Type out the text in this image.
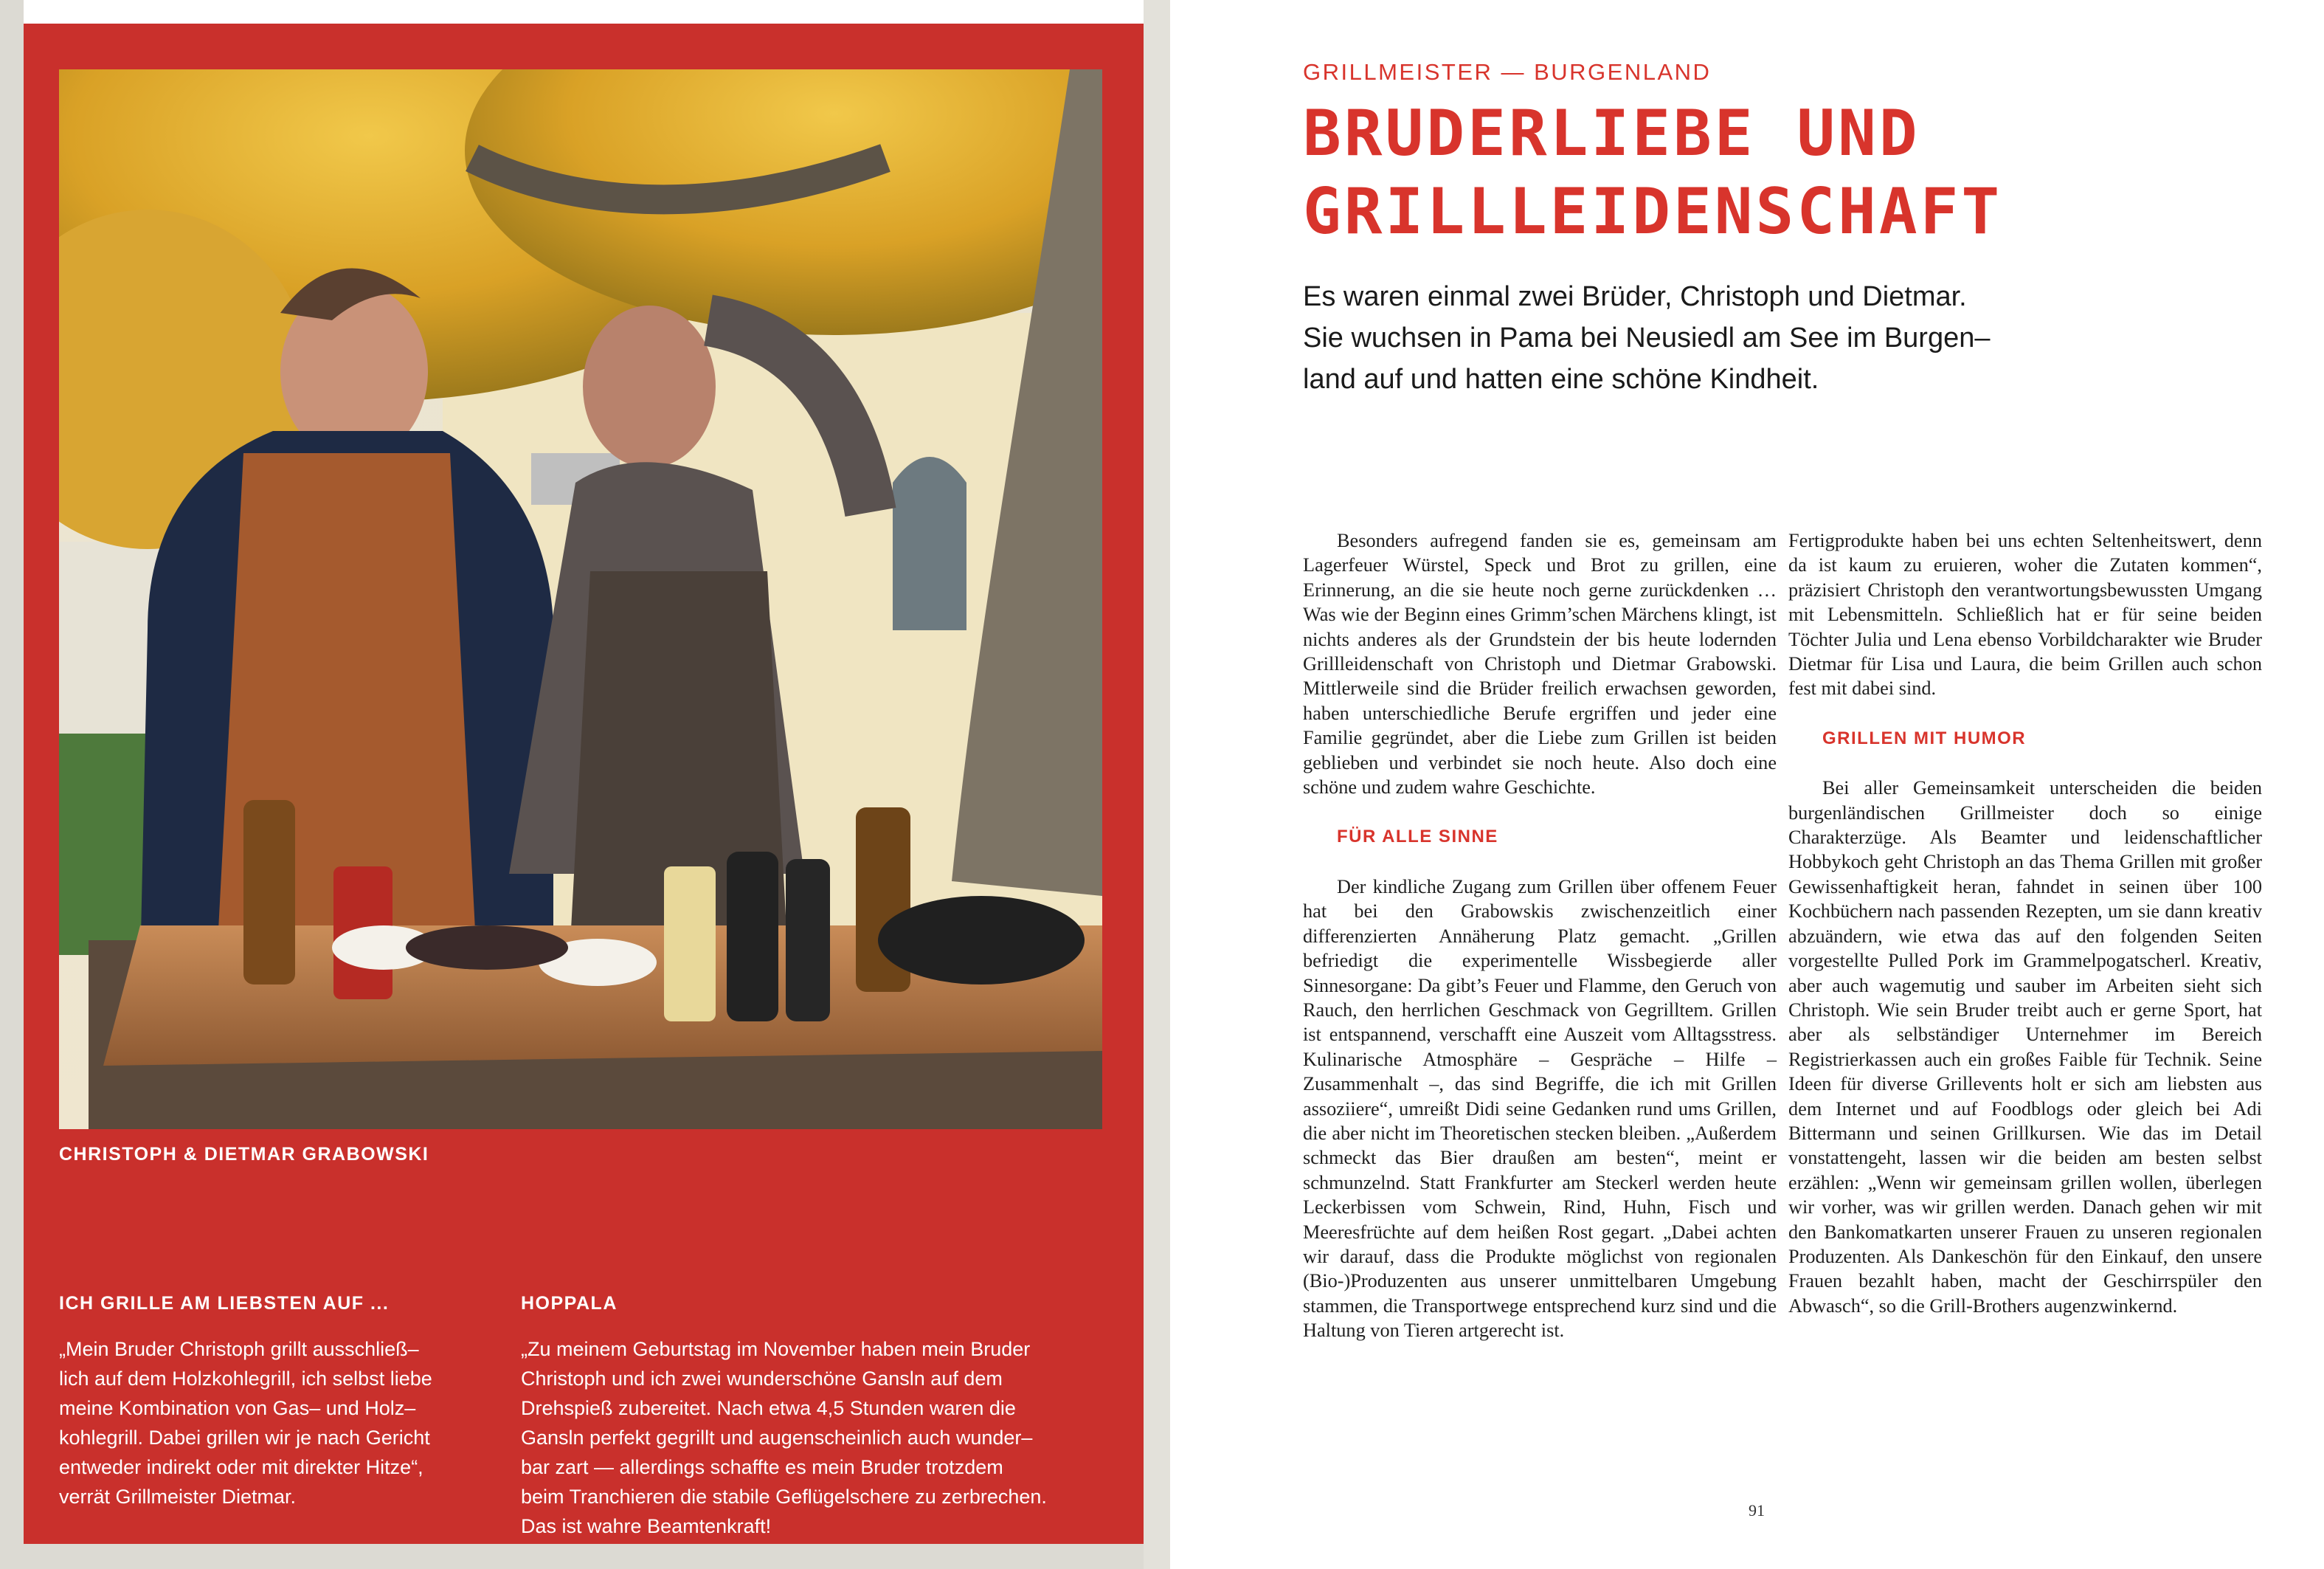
CHRISTOPH & DIETMAR GRABOWSKI
ICH GRILLE AM LIEBSTEN AUF ...
„Mein Bruder Christoph grillt ausschließ–
lich auf dem Holzkohlegrill, ich selbst liebe
meine Kombination von Gas– und Holz–
kohlegrill. Dabei grillen wir je nach Gericht
entweder indirekt oder mit direkter Hitze“,
verrät Grillmeister Dietmar.
HOPPALA
„Zu meinem Geburtstag im November haben mein Bruder
Christoph und ich zwei wunderschöne Gansln auf dem
Drehspieß zubereitet. Nach etwa 4,5 Stunden waren die
Gansln perfekt gegrillt und augenscheinlich auch wunder–
bar zart — allerdings schaffte es mein Bruder trotzdem
beim Tranchieren die stabile Geflügelschere zu zerbrechen.
Das ist wahre Beamtenkraft!
GRILLMEISTER — BURGENLAND
BRUDERLIEBE UND
GRILLLEIDENSCHAFT
Es waren einmal zwei Brüder, Christoph und Dietmar.
Sie wuchsen in Pama bei Neusiedl am See im Burgen–
land auf und hatten eine schöne Kindheit.

Besonders aufregend fanden sie es, gemeinsam am Lagerfeuer Würstel, Speck und Brot zu grillen, eine Erinnerung, an die sie heute noch gerne zurückdenken … Was wie der Beginn eines Grimm’schen Märchens klingt, ist nichts anderes als der Grundstein der bis heute lodernden Grillleidenschaft von Christoph und Dietmar Grabowski. Mittlerweile sind die Brüder freilich erwachsen geworden, haben unterschiedliche Berufe ergriffen und jeder eine Familie gegründet, aber die Liebe zum Grillen ist beiden geblieben und verbindet sie noch heute. Also doch eine schöne und zudem wahre Geschichte.

FÜR ALLE SINNE

Der kindliche Zugang zum Grillen über offenem Feuer hat bei den Grabowskis zwischenzeitlich einer differenzierten Annäherung Platz gemacht. „Grillen befriedigt die experimentelle Wissbegierde aller Sinnesorgane: Da gibt’s Feuer und Flamme, den Geruch von Rauch, den herrlichen Geschmack von Gegrilltem. Grillen ist entspannend, verschafft eine Auszeit vom Alltagsstress. Kulinarische Atmosphäre – Gespräche – Hilfe – Zusammenhalt –, das sind Begriffe, die ich mit Grillen assoziiere“, umreißt Didi seine Gedanken rund ums Grillen, die aber nicht im Theoretischen stecken bleiben. „Außerdem schmeckt das Bier draußen am besten“, meint er schmunzelnd. Statt Frankfurter am Steckerl werden heute Leckerbissen vom Schwein, Rind, Huhn, Fisch und Meeresfrüchte auf dem heißen Rost gegart. „Dabei achten wir darauf, dass die Produkte möglichst von regionalen (Bio-)Produzenten aus unserer unmittelbaren Umgebung stammen, die Transportwege entsprechend kurz sind und die Haltung von Tieren artgerecht ist.

Fertigprodukte haben bei uns echten Seltenheitswert, denn da ist kaum zu eruieren, woher die Zutaten kommen“, präzisiert Christoph den verantwortungsbewussten Umgang mit Lebensmitteln. Schließlich hat er für seine beiden Töchter Julia und Lena ebenso Vorbildcharakter wie Bruder Dietmar für Lisa und Laura, die beim Grillen auch schon fest mit dabei sind.

GRILLEN MIT HUMOR

Bei aller Gemeinsamkeit unterscheiden die beiden burgenländischen Grillmeister doch so einige Charakterzüge. Als Beamter und leidenschaftlicher Hobbykoch geht Christoph an das Thema Grillen mit großer Gewissenhaftigkeit heran, fahndet in seinen über 100 Kochbüchern nach passenden Rezepten, um sie dann kreativ abzuändern, wie etwa das auf den folgenden Seiten vorgestellte Pulled Pork im Grammelpogatscherl. Kreativ, aber auch wagemutig und sauber im Arbeiten sieht sich Christoph. Wie sein Bruder treibt auch er gerne Sport, hat aber als selbständiger Unternehmer im Bereich Registrierkassen auch ein großes Faible für Technik. Seine Ideen für diverse Grillevents holt er sich am liebsten aus dem Internet und auf Foodblogs oder gleich bei Adi Bittermann und seinen Grillkursen. Wie das im Detail vonstattengeht, lassen wir die beiden am besten selbst erzählen: „Wenn wir gemeinsam grillen wollen, überlegen wir vorher, was wir grillen werden. Danach gehen wir mit den Bankomatkarten unserer Frauen zu unseren regionalen Produzenten. Als Dankeschön für den Einkauf, den unsere Frauen bezahlt haben, macht der Geschirrspüler den Abwasch“, so die Grill-Brothers augenzwinkernd.

91
